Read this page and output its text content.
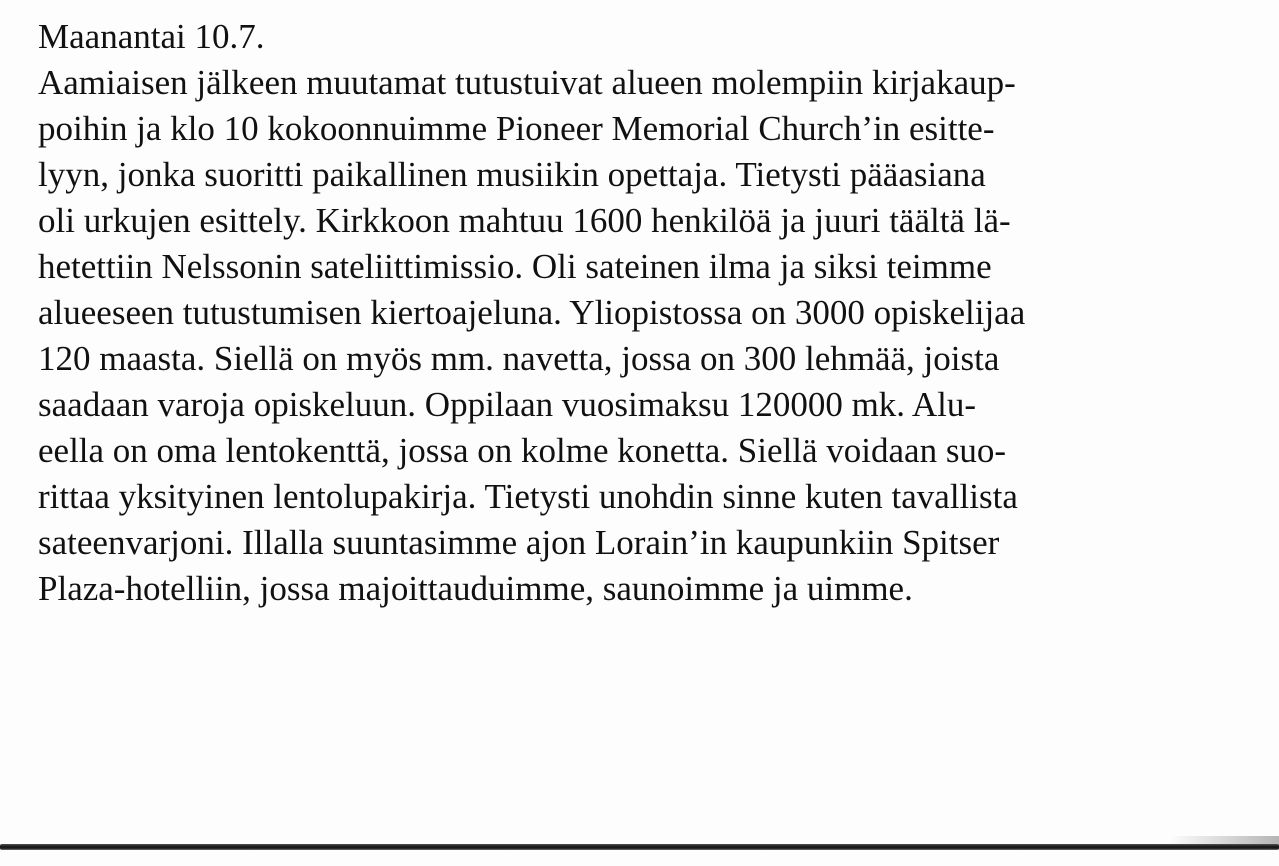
Maanantai 10.7.
Aamiaisen jälkeen muutamat tutustuivat alueen molempiin kirjakaup-
poihin ja klo 10 kokoonnuimme Pioneer Memorial Church’in esitte-
lyyn, jonka suoritti paikallinen musiikin opettaja. Tietysti pääasiana
oli urkujen esittely. Kirkkoon mahtuu 1600 henkilöä ja juuri täältä lä-
hetettiin Nelssonin sateliittimissio. Oli sateinen ilma ja siksi teimme
alueeseen tutustumisen kiertoajeluna. Yliopistossa on 3000 opiskelijaa
120 maasta. Siellä on myös mm. navetta, jossa on 300 lehmää, joista
saadaan varoja opiskeluun. Oppilaan vuosimaksu 120000 mk. Alu-
eella on oma lentokenttä, jossa on kolme konetta. Siellä voidaan suo-
rittaa yksityinen lentolupakirja. Tietysti unohdin sinne kuten tavallista
sateenvarjoni. Illalla suuntasimme ajon Lorain’in kaupunkiin Spitser
Plaza-hotelliin, jossa majoittauduimme, saunoimme ja uimme.
